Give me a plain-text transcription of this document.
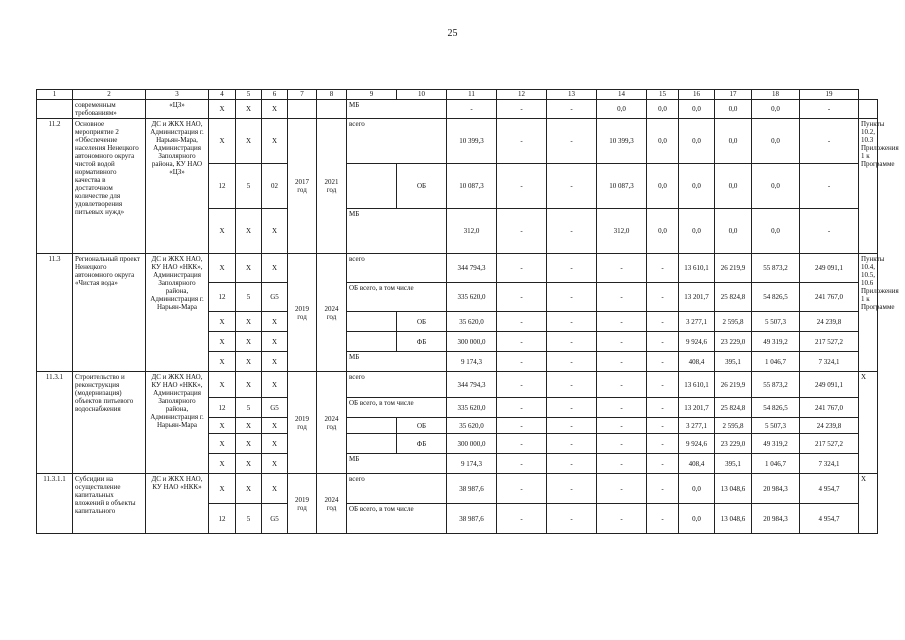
25
1	2	3	4	5	6	7	8	9	10	11	12	13	14	15	16	17	18	19	
	современным требованиям»	«ЦЗ»	Х	Х	Х			МБ		-	-	-	0,0	0,0	0,0	0,0	0,0	-	
11.2	Основное мероприятие 2 «Обеспечение населения Ненецкого автономного округа чистой водой нормативного качества в достаточном количестве для удовлетворения питьевых нужд»	ДС и ЖКХ НАО, Администрация г. Нарьян-Мара, Администрация Заполярного района, КУ НАО «ЦЗ»	Х	Х	Х	2017 год	2021 год	всего		10 399,3	-	-	10 399,3	0,0	0,0	0,0	0,0	-	Пункты 10.2, 10.3 Приложения 1 к Программе
			12	5	02				ОБ	10 087,3	-	-	10 087,3	0,0	0,0	0,0	0,0	-	
			Х	Х	Х			МБ		312,0	-	-	312,0	0,0	0,0	0,0	0,0	-	
11.3	Региональный проект Ненецкого автономного округа «Чистая вода»	ДС и ЖКХ НАО, КУ НАО «НКК», Администрация Заполярного района, Администрация г. Нарьян-Мара	Х	Х	Х	2019 год	2024 год	всего		344 794,3	-	-	-	-	13 610,1	26 219,9	55 873,2	249 091,1	Пункты 10.4, 10.5, 10.6 Приложения 1 к Программе
			12	5	G5			ОБ всего, в том числе		335 620,0	-	-	-	-	13 201,7	25 824,8	54 826,5	241 767,0	
			Х	Х	Х				ОБ	35 620,0	-	-	-	-	3 277,1	2 595,8	5 507,3	24 239,8	
			Х	Х	Х				ФБ	300 000,0	-	-	-	-	9 924,6	23 229,0	49 319,2	217 527,2	
			Х	Х	Х			МБ		9 174,3	-	-	-	-	408,4	395,1	1 046,7	7 324,1	
11.3.1	Строительство и реконструкция (модернизация) объектов питьевого водоснабжения	ДС и ЖКХ НАО, КУ НАО «НКК», Администрация Заполярного района, Администрация г. Нарьян-Мара	Х	Х	Х	2019 год	2024 год	всего		344 794,3	-	-	-	-	13 610,1	26 219,9	55 873,2	249 091,1	Х
			12	5	G5			ОБ всего, в том числе		335 620,0	-	-	-	-	13 201,7	25 824,8	54 826,5	241 767,0	
			Х	Х	Х				ОБ	35 620,0	-	-	-	-	3 277,1	2 595,8	5 507,3	24 239,8	
			Х	Х	Х				ФБ	300 000,0	-	-	-	-	9 924,6	23 229,0	49 319,2	217 527,2	
			Х	Х	Х			МБ		9 174,3	-	-	-	-	408,4	395,1	1 046,7	7 324,1	
11.3.1.1	Субсидии на осуществление капитальных вложений в объекты капитального	ДС и ЖКХ НАО, КУ НАО «НКК»	Х	Х	Х	2019 год	2024 год	всего		38 987,6	-	-	-	-	0,0	13 048,6	20 984,3	4 954,7	Х
			12	5	G5			ОБ всего, в том числе		38 987,6	-	-	-	-	0,0	13 048,6	20 984,3	4 954,7	
